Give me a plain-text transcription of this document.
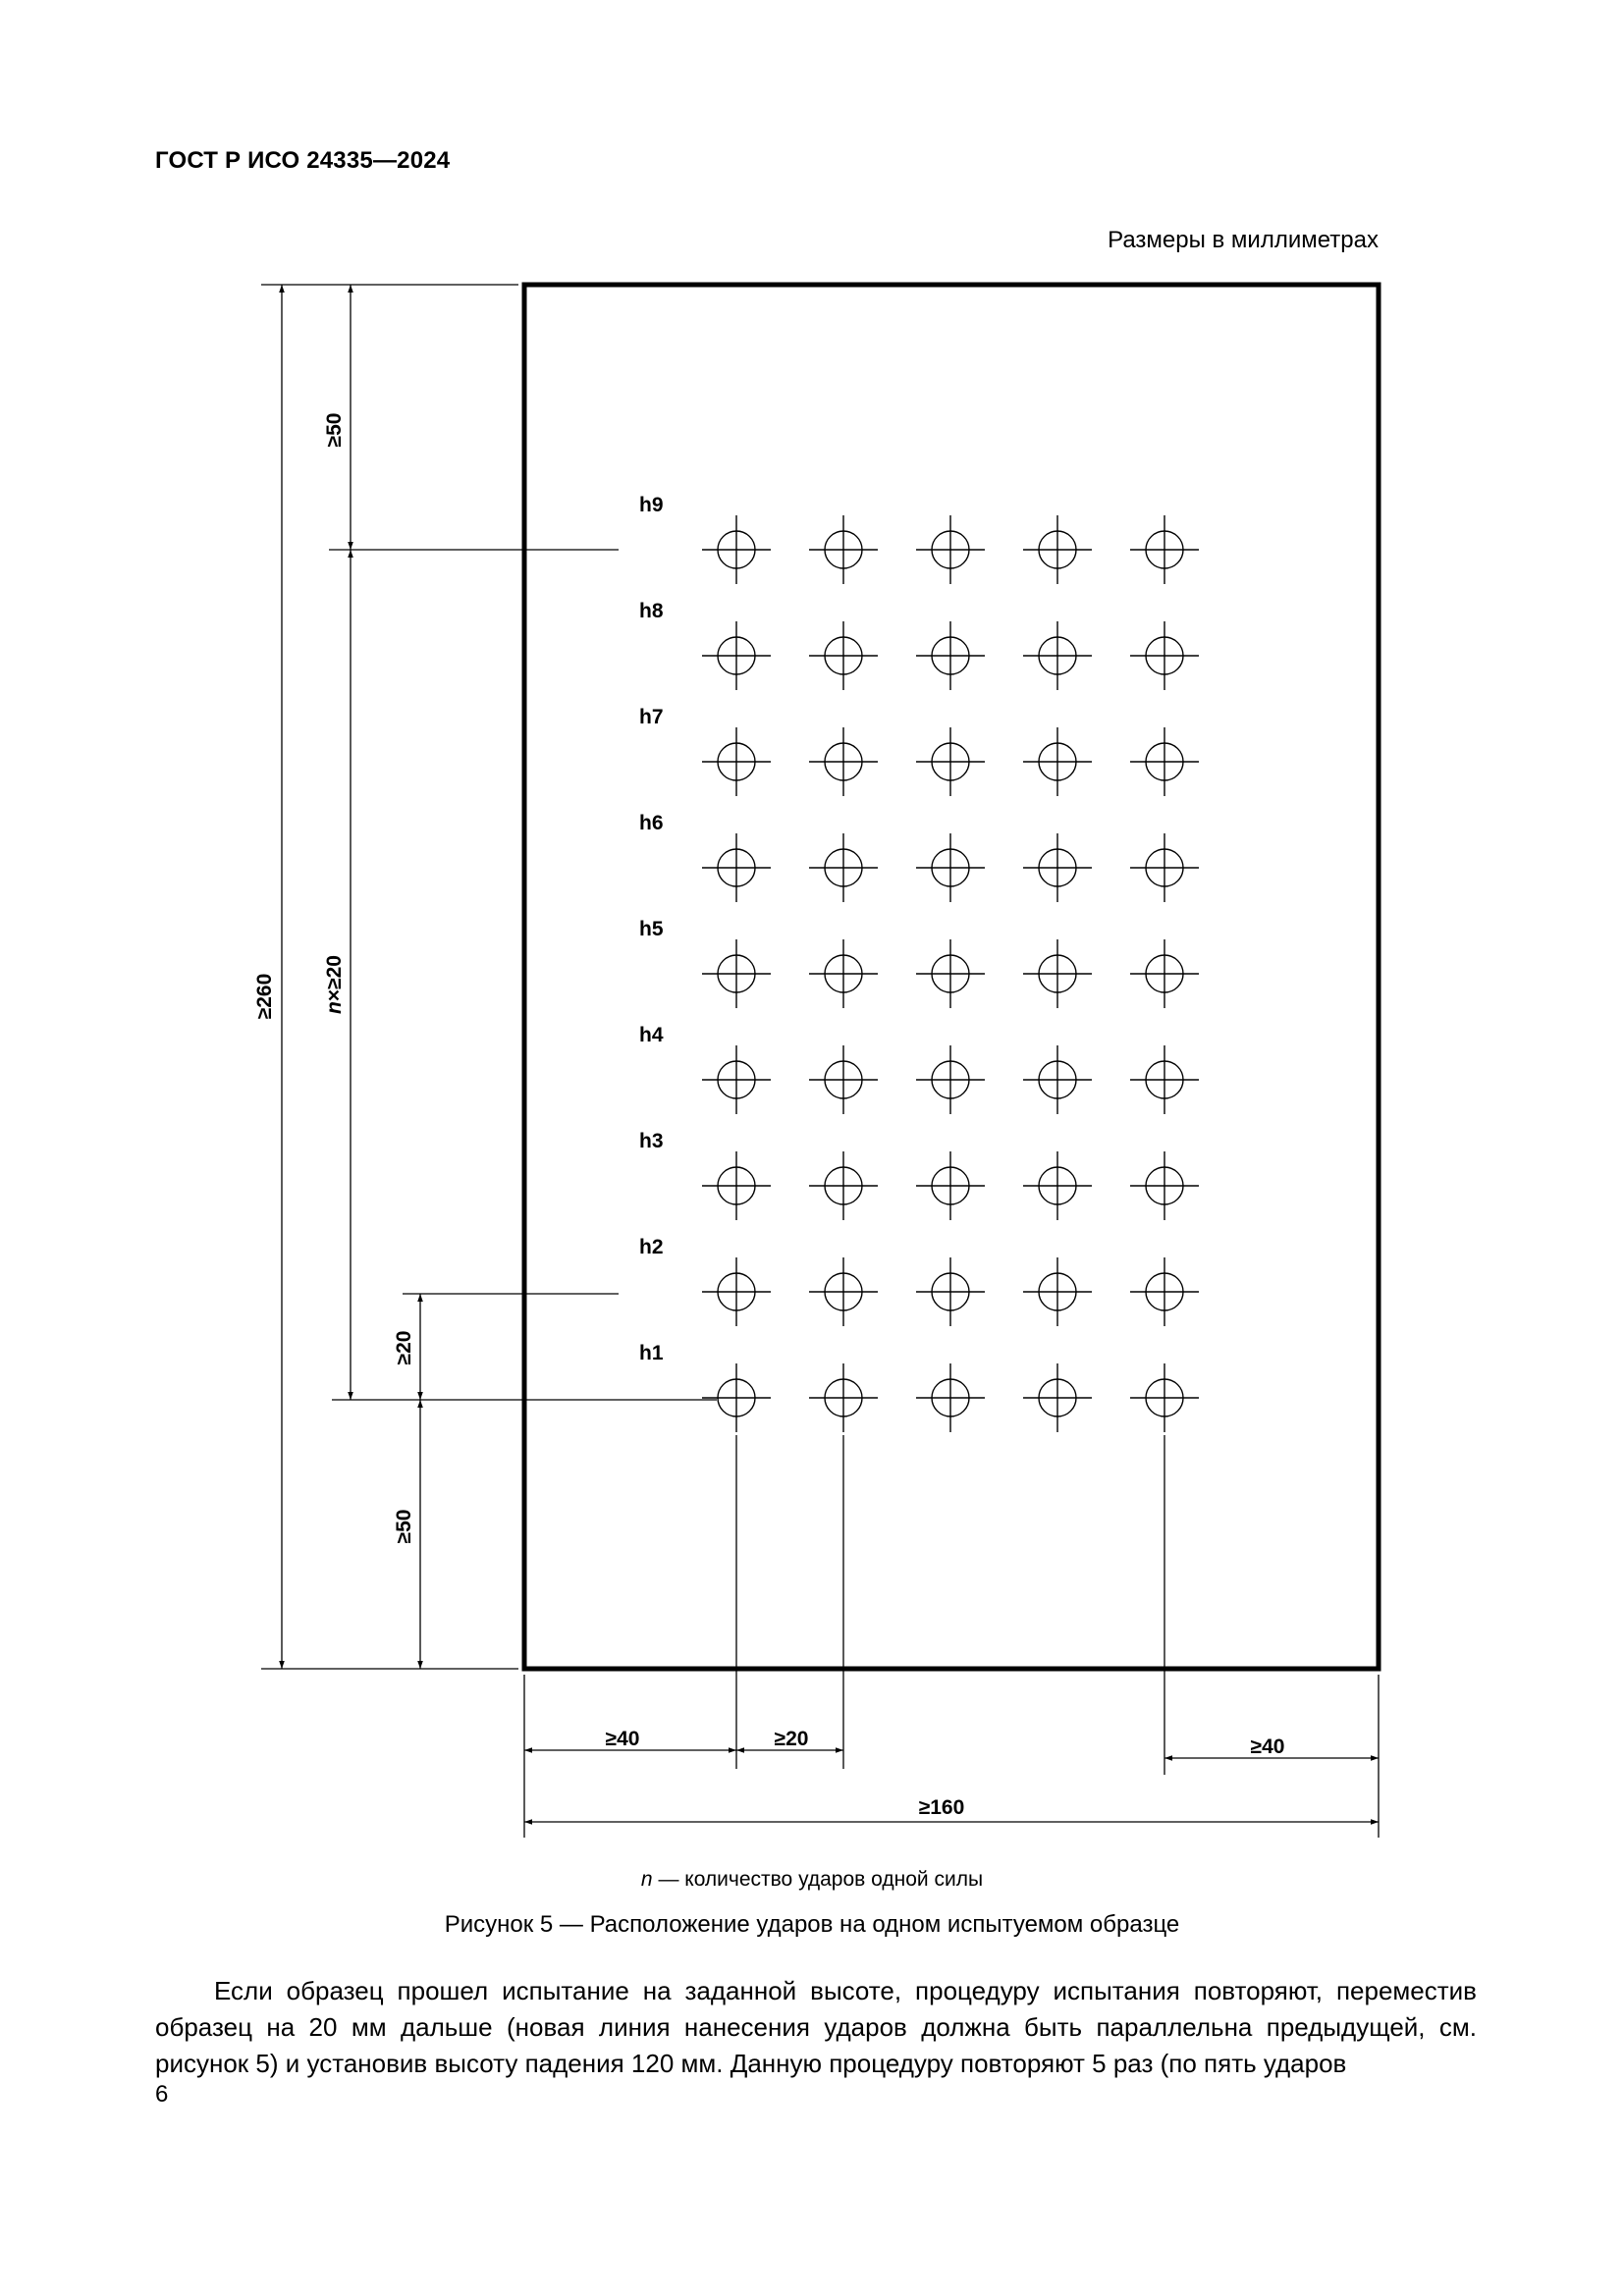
ГОСТ Р ИСО 24335—2024
Размеры в миллиметрах
h9
h8
h7
h6
h5
h4
h3
h2
h1
≥260
≥50
n×≥20
≥20
≥50
≥40	≥20	≥40
≥160
n — количество ударов одной силы
Рисунок 5 — Расположение ударов на одном испытуемом образце

Если образец прошел испытание на заданной высоте, процедуру испытания повторяют, переместив образец на 20 мм дальше (новая линия нанесения ударов должна быть параллельна предыдущей, см. рисунок 5) и установив высоту падения 120 мм. Данную процедуру повторяют 5 раз (по пять ударов

6
